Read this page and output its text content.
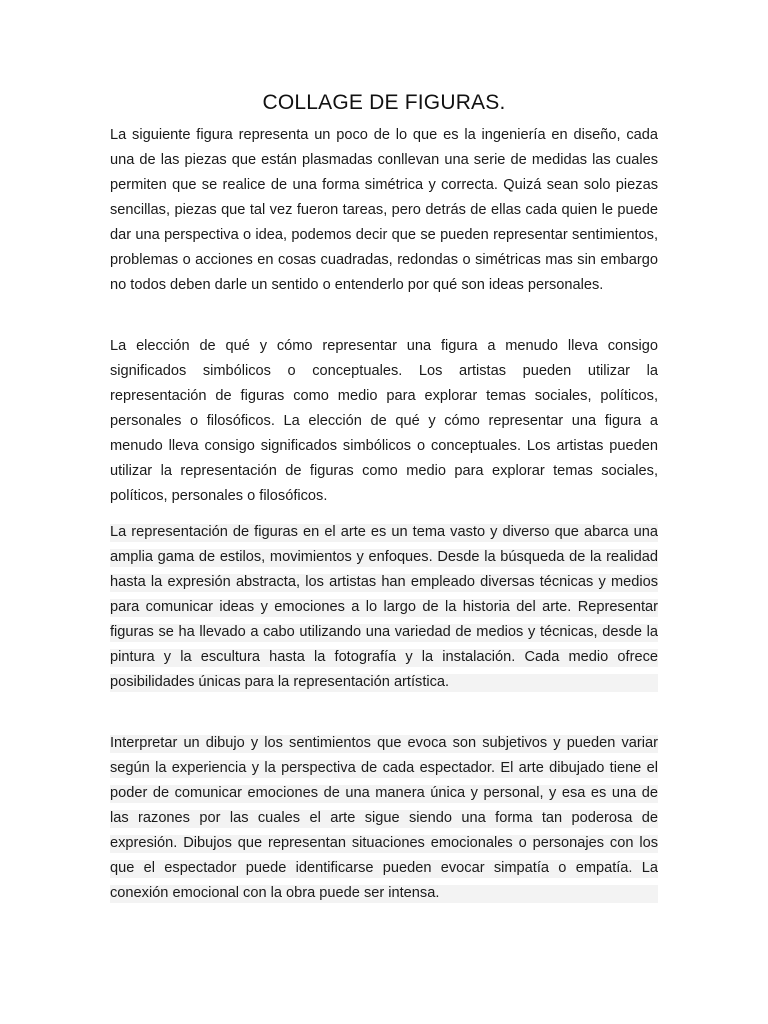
COLLAGE DE FIGURAS.

La siguiente figura representa un poco de lo que es la ingeniería en diseño, cada una de las piezas que están plasmadas conllevan una serie de medidas las cuales permiten que se realice de una forma simétrica y correcta. Quizá sean solo piezas sencillas, piezas que tal vez fueron tareas, pero detrás de ellas cada quien le puede dar una perspectiva o idea, podemos decir que se pueden representar sentimientos, problemas o acciones en cosas cuadradas, redondas o simétricas mas sin embargo no todos deben darle un sentido o entenderlo por qué son ideas personales.

La elección de qué y cómo representar una figura a menudo lleva consigo significados simbólicos o conceptuales. Los artistas pueden utilizar la representación de figuras como medio para explorar temas sociales, políticos, personales o filosóficos. La elección de qué y cómo representar una figura a menudo lleva consigo significados simbólicos o conceptuales. Los artistas pueden utilizar la representación de figuras como medio para explorar temas sociales, políticos, personales o filosóficos.

La representación de figuras en el arte es un tema vasto y diverso que abarca una amplia gama de estilos, movimientos y enfoques. Desde la búsqueda de la realidad hasta la expresión abstracta, los artistas han empleado diversas técnicas y medios para comunicar ideas y emociones a lo largo de la historia del arte. Representar figuras se ha llevado a cabo utilizando una variedad de medios y técnicas, desde la pintura y la escultura hasta la fotografía y la instalación. Cada medio ofrece posibilidades únicas para la representación artística.

Interpretar un dibujo y los sentimientos que evoca son subjetivos y pueden variar según la experiencia y la perspectiva de cada espectador. El arte dibujado tiene el poder de comunicar emociones de una manera única y personal, y esa es una de las razones por las cuales el arte sigue siendo una forma tan poderosa de expresión. Dibujos que representan situaciones emocionales o personajes con los que el espectador puede identificarse pueden evocar simpatía o empatía. La conexión emocional con la obra puede ser intensa.
